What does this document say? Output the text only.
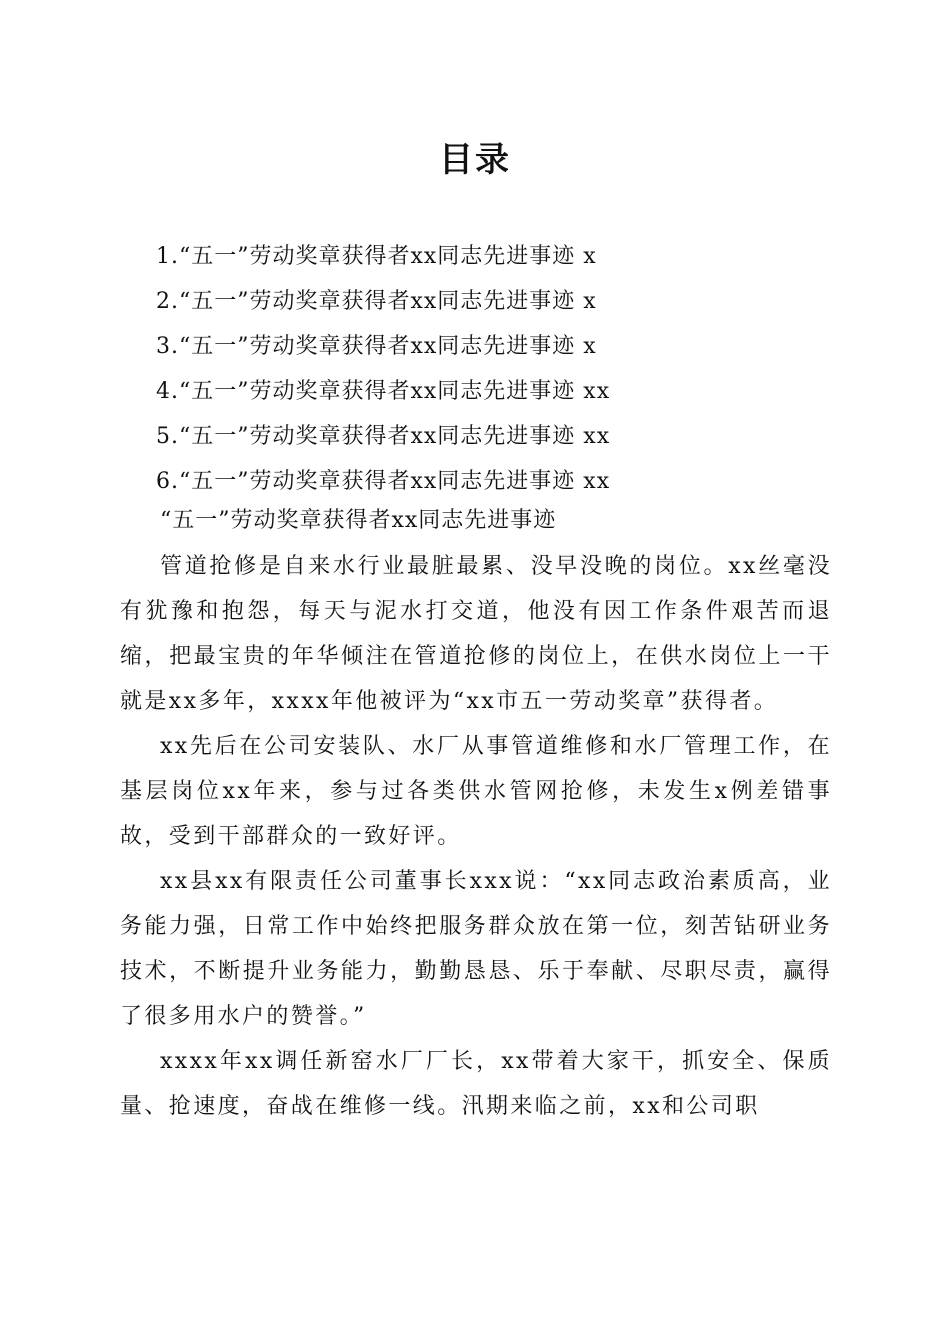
目录
1.“五一”劳动奖章获得者xx同志先进事迹 x
2.“五一”劳动奖章获得者xx同志先进事迹 x
3.“五一”劳动奖章获得者xx同志先进事迹 x
4.“五一”劳动奖章获得者xx同志先进事迹 xx
5.“五一”劳动奖章获得者xx同志先进事迹 xx
6.“五一”劳动奖章获得者xx同志先进事迹 xx
“五一”劳动奖章获得者xx同志先进事迹

管道抢修是自来水行业最脏最累、没早没晚的岗位。xx丝毫没有犹豫和抱怨，每天与泥水打交道，他没有因工作条件艰苦而退缩，把最宝贵的年华倾注在管道抢修的岗位上，在供水岗位上一干就是xx多年，xxxx年他被评为“xx市五一劳动奖章”获得者。

xx先后在公司安装队、水厂从事管道维修和水厂管理工作，在基层岗位xx年来，参与过各类供水管网抢修，未发生x例差错事故，受到干部群众的一致好评。

xx县xx有限责任公司董事长xxx说：“xx同志政治素质高，业务能力强，日常工作中始终把服务群众放在第一位，刻苦钻研业务技术，不断提升业务能力，勤勤恳恳、乐于奉献、尽职尽责，赢得了很多用水户的赞誉。”

xxxx年xx调任新窑水厂厂长，xx带着大家干，抓安全、保质量、抢速度，奋战在维修一线。汛期来临之前，xx和公司职
